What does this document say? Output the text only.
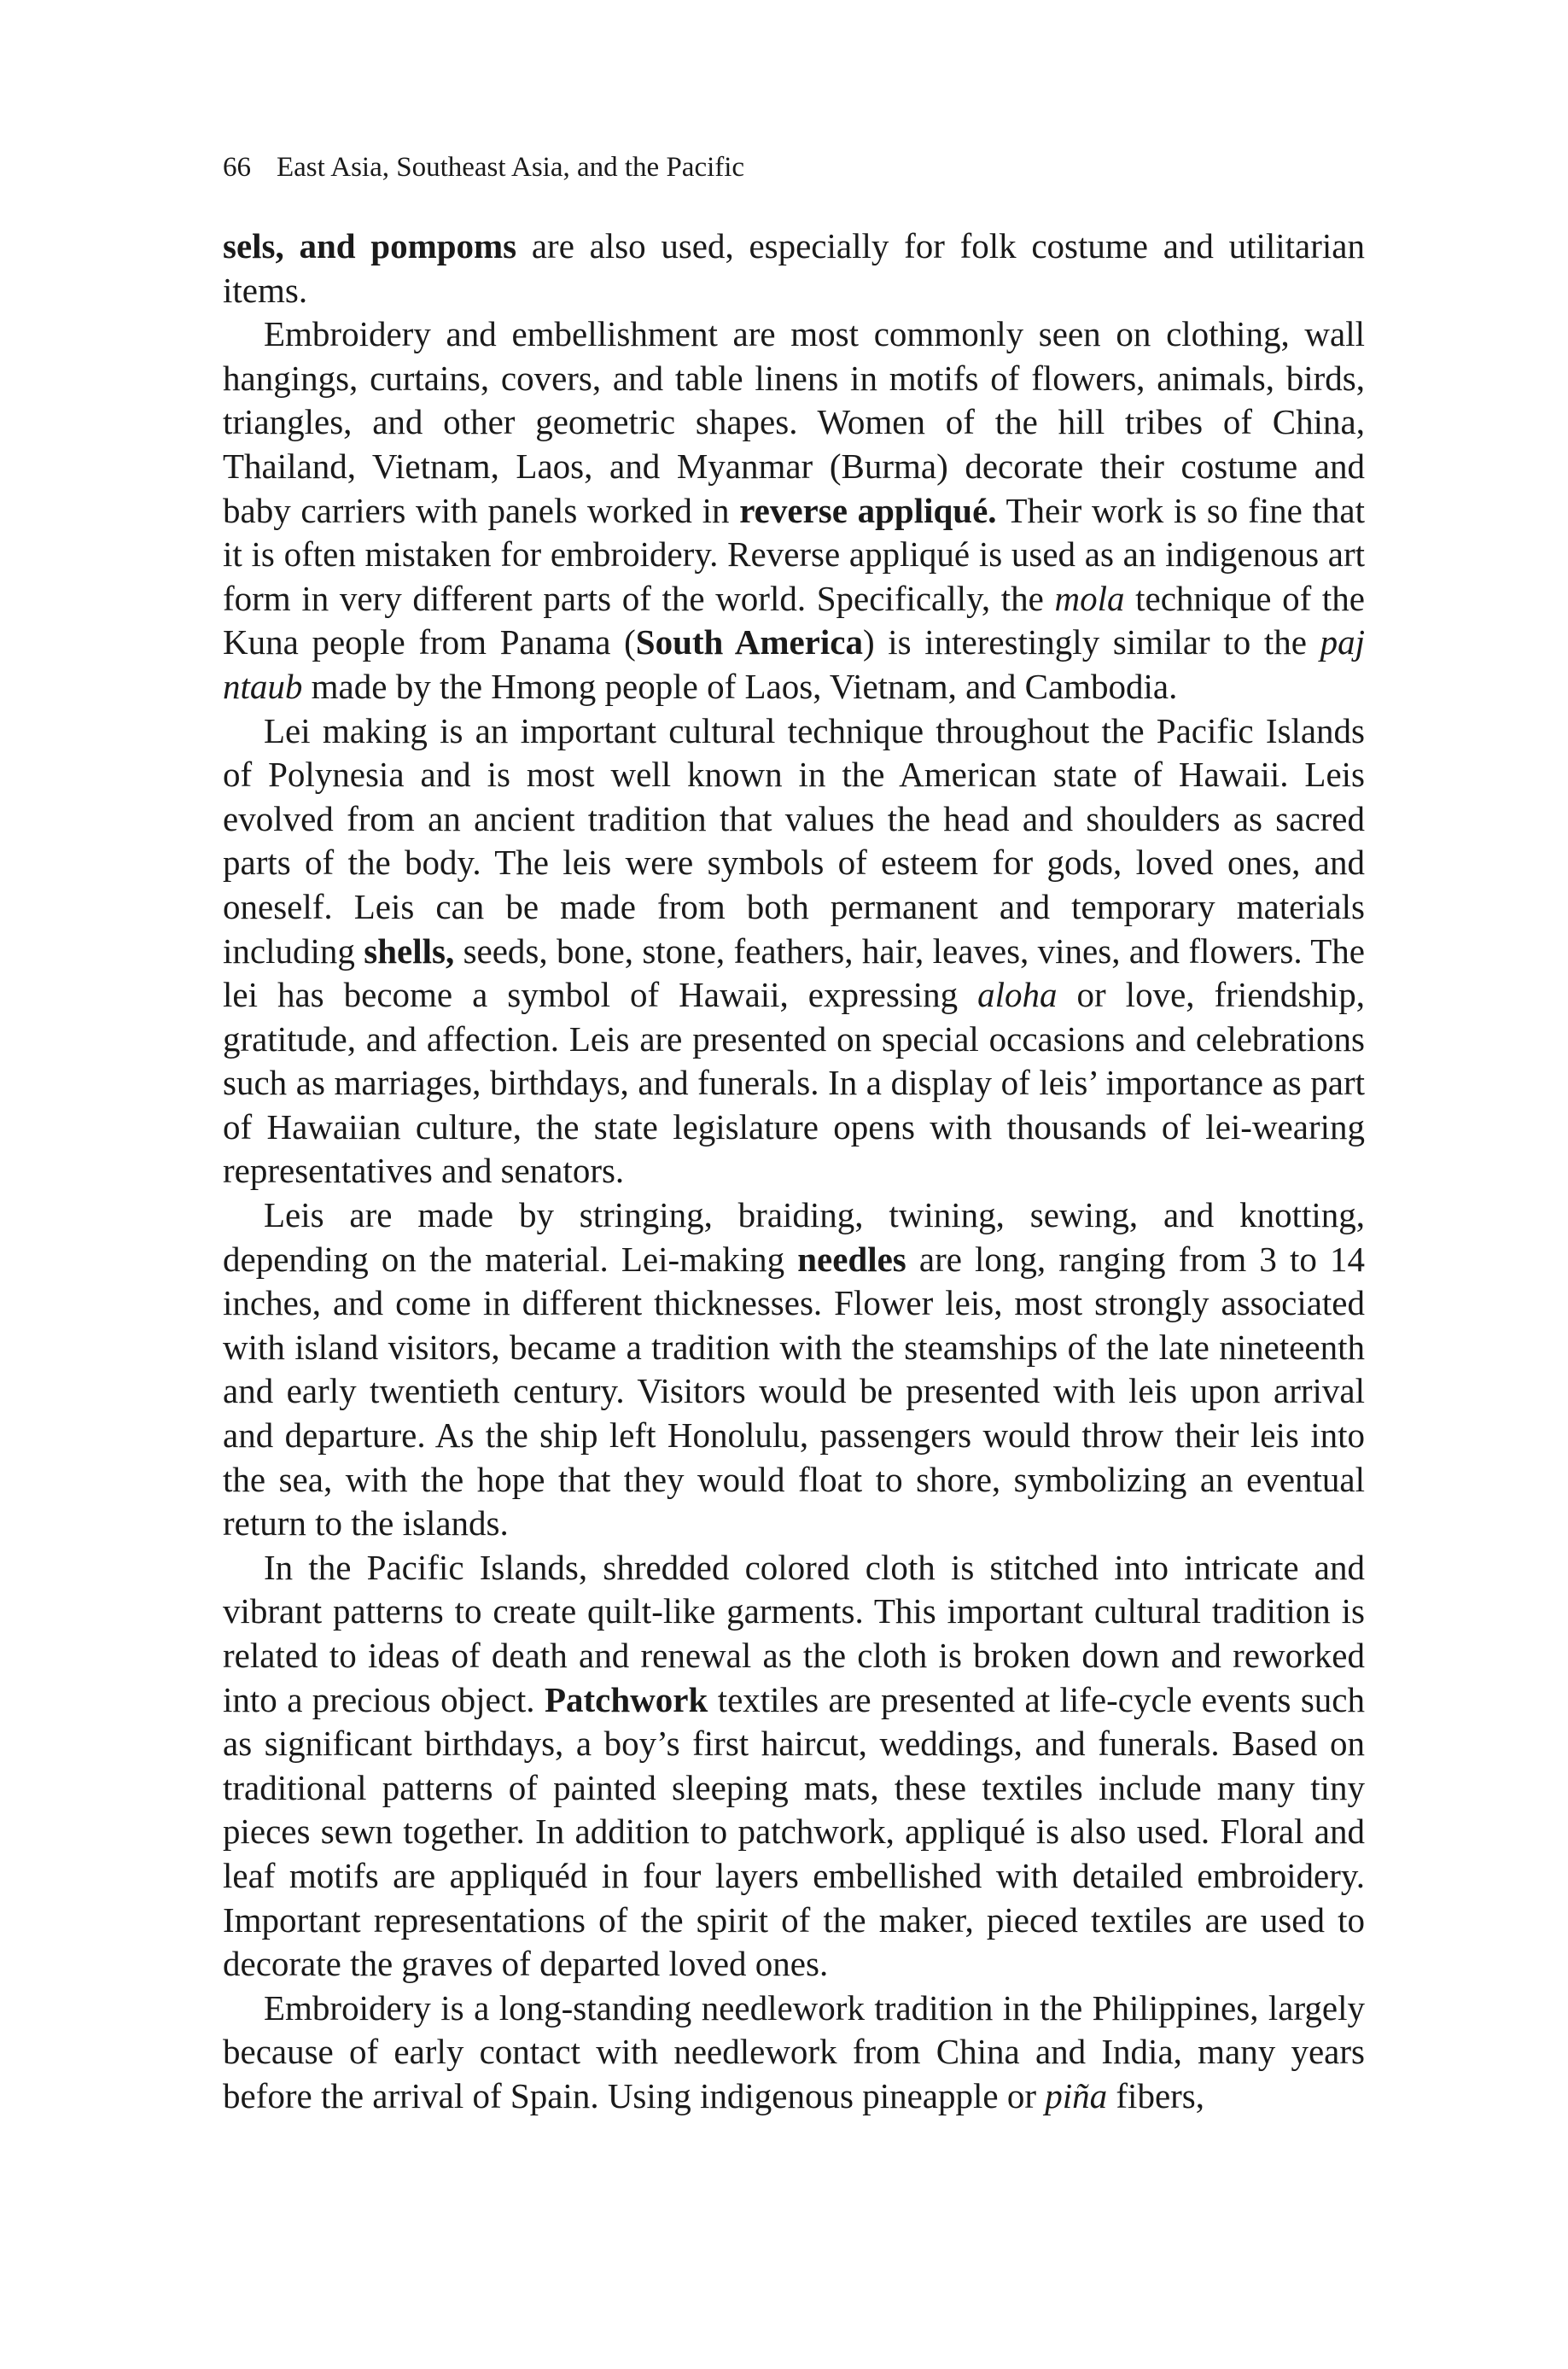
66 East Asia, Southeast Asia, and the Pacific

sels, and pompoms are also used, especially for folk costume and utilitarian items.

Embroidery and embellishment are most commonly seen on clothing, wall hangings, curtains, covers, and table linens in motifs of flowers, animals, birds, triangles, and other geometric shapes. Women of the hill tribes of China, Thailand, Vietnam, Laos, and Myanmar (Burma) decorate their costume and baby carriers with panels worked in reverse appliqué. Their work is so fine that it is often mistaken for embroidery. Reverse appliqué is used as an indigenous art form in very different parts of the world. Specifically, the mola technique of the Kuna people from Panama (South America) is interestingly similar to the paj ntaub made by the Hmong people of Laos, Vietnam, and Cambodia.

Lei making is an important cultural technique throughout the Pacific Islands of Polynesia and is most well known in the American state of Hawaii. Leis evolved from an ancient tradition that values the head and shoulders as sacred parts of the body. The leis were symbols of esteem for gods, loved ones, and oneself. Leis can be made from both permanent and temporary materials including shells, seeds, bone, stone, feathers, hair, leaves, vines, and flowers. The lei has become a symbol of Hawaii, expressing aloha or love, friendship, gratitude, and affection. Leis are presented on special occasions and celebrations such as marriages, birthdays, and funerals. In a display of leis’ importance as part of Hawaiian culture, the state legislature opens with thousands of lei-wearing representatives and senators.

Leis are made by stringing, braiding, twining, sewing, and knotting, depending on the material. Lei-making needles are long, ranging from 3 to 14 inches, and come in different thicknesses. Flower leis, most strongly associated with island visitors, became a tradition with the steamships of the late nineteenth and early twentieth century. Visitors would be presented with leis upon arrival and departure. As the ship left Honolulu, passengers would throw their leis into the sea, with the hope that they would float to shore, symbolizing an eventual return to the islands.

In the Pacific Islands, shredded colored cloth is stitched into intricate and vibrant patterns to create quilt-like garments. This important cultural tradition is related to ideas of death and renewal as the cloth is broken down and reworked into a precious object. Patchwork textiles are presented at life-cycle events such as significant birthdays, a boy’s first haircut, weddings, and funerals. Based on traditional patterns of painted sleeping mats, these textiles include many tiny pieces sewn together. In addition to patchwork, appliqué is also used. Floral and leaf motifs are appliquéd in four layers embellished with detailed embroidery. Important representations of the spirit of the maker, pieced textiles are used to decorate the graves of departed loved ones.

Embroidery is a long-standing needlework tradition in the Philippines, largely because of early contact with needlework from China and India, many years before the arrival of Spain. Using indigenous pineapple or piña fibers,
